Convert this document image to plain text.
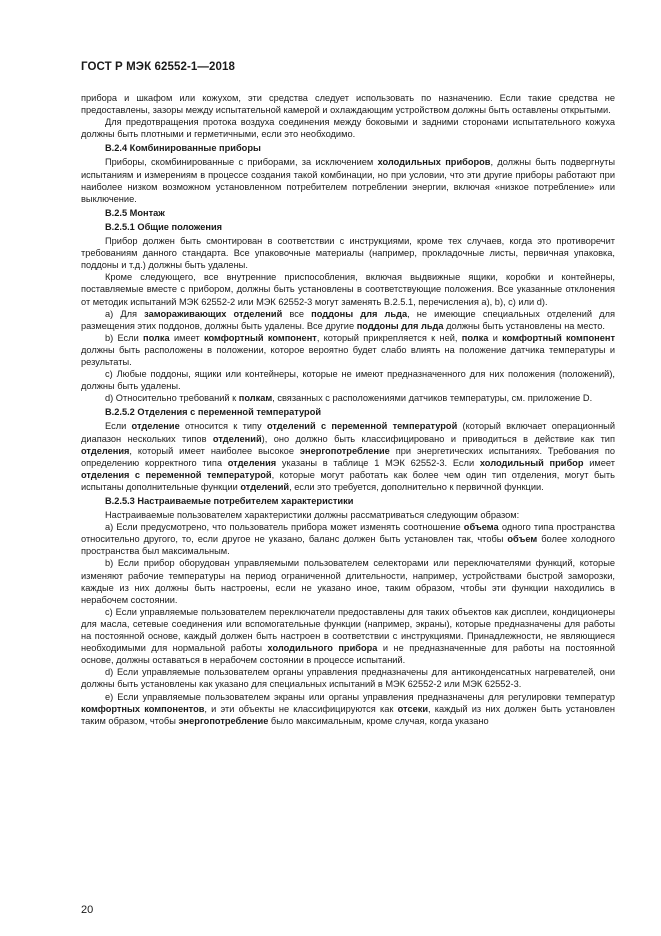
ГОСТ Р МЭК 62552-1—2018

прибора и шкафом или кожухом, эти средства следует использовать по назначению. Если такие средства не предоставлены, зазоры между испытательной камерой и охлаждающим устройством должны быть оставлены открытыми.

Для предотвращения протока воздуха соединения между боковыми и задними сторонами испытательного кожуха должны быть плотными и герметичными, если это необходимо.

В.2.4 Комбинированные приборы

Приборы, скомбинированные с приборами, за исключением холодильных приборов, должны быть подвергнуты испытаниям и измерениям в процессе создания такой комбинации, но при условии, что эти другие приборы работают при наиболее низком возможном установленном потребителем потреблении энергии, включая «низкое потребление» или выключение.

В.2.5 Монтаж

В.2.5.1 Общие положения

Прибор должен быть смонтирован в соответствии с инструкциями, кроме тех случаев, когда это противоречит требованиям данного стандарта. Все упаковочные материалы (например, прокладочные листы, первичная упаковка, поддоны и т.д.) должны быть удалены.

Кроме следующего, все внутренние приспособления, включая выдвижные ящики, коробки и контейнеры, поставляемые вместе с прибором, должны быть установлены в соответствующие положения. Все указанные отклонения от методик испытаний МЭК 62552-2 или МЭК 62552-3 могут заменять В.2.5.1, перечисления а), b), с) или d).

а) Для замораживающих отделений все поддоны для льда, не имеющие специальных отделений для размещения этих поддонов, должны быть удалены. Все другие поддоны для льда должны быть установлены на место.

b) Если полка имеет комфортный компонент, который прикрепляется к ней, полка и комфортный компонент должны быть расположены в положении, которое вероятно будет слабо влиять на положение датчика температуры и результаты.

с) Любые поддоны, ящики или контейнеры, которые не имеют предназначенного для них положения (положений), должны быть удалены.

d) Относительно требований к полкам, связанных с расположениями датчиков температуры, см. приложение D.

В.2.5.2 Отделения с переменной температурой

Если отделение относится к типу отделений с переменной температурой (который включает операционный диапазон нескольких типов отделений), оно должно быть классифицировано и приводиться в действие как тип отделения, который имеет наиболее высокое энергопотребление при энергетических испытаниях. Требования по определению корректного типа отделения указаны в таблице 1 МЭК 62552-3. Если холодильный прибор имеет отделения с переменной температурой, которые могут работать как более чем один тип отделения, могут быть испытаны дополнительные функции отделений, если это требуется, дополнительно к первичной функции.

В.2.5.3 Настраиваемые потребителем характеристики

Настраиваемые пользователем характеристики должны рассматриваться следующим образом:

а) Если предусмотрено, что пользователь прибора может изменять соотношение объема одного типа пространства относительно другого, то, если другое не указано, баланс должен быть установлен так, чтобы объем более холодного пространства был максимальным.

b) Если прибор оборудован управляемыми пользователем селекторами или переключателями функций, которые изменяют рабочие температуры на период ограниченной длительности, например, устройствами быстрой заморозки, каждые из них должны быть настроены, если не указано иное, таким образом, чтобы эти функции находились в нерабочем состоянии.

с) Если управляемые пользователем переключатели предоставлены для таких объектов как дисплеи, кондиционеры для масла, сетевые соединения или вспомогательные функции (например, экраны), которые предназначены для работы на постоянной основе, каждый должен быть настроен в соответствии с инструкциями. Принадлежности, не являющиеся необходимыми для нормальной работы холодильного прибора и не предназначенные для работы на постоянной основе, должны оставаться в нерабочем состоянии в процессе испытаний.

d) Если управляемые пользователем органы управления предназначены для антиконденсатных нагревателей, они должны быть установлены как указано для специальных испытаний в МЭК 62552-2 или МЭК 62552-3.

е) Если управляемые пользователем экраны или органы управления предназначены для регулировки температур комфортных компонентов, и эти объекты не классифицируются как отсеки, каждый из них должен быть установлен таким образом, чтобы энергопотребление было максимальным, кроме случая, когда указано

20
